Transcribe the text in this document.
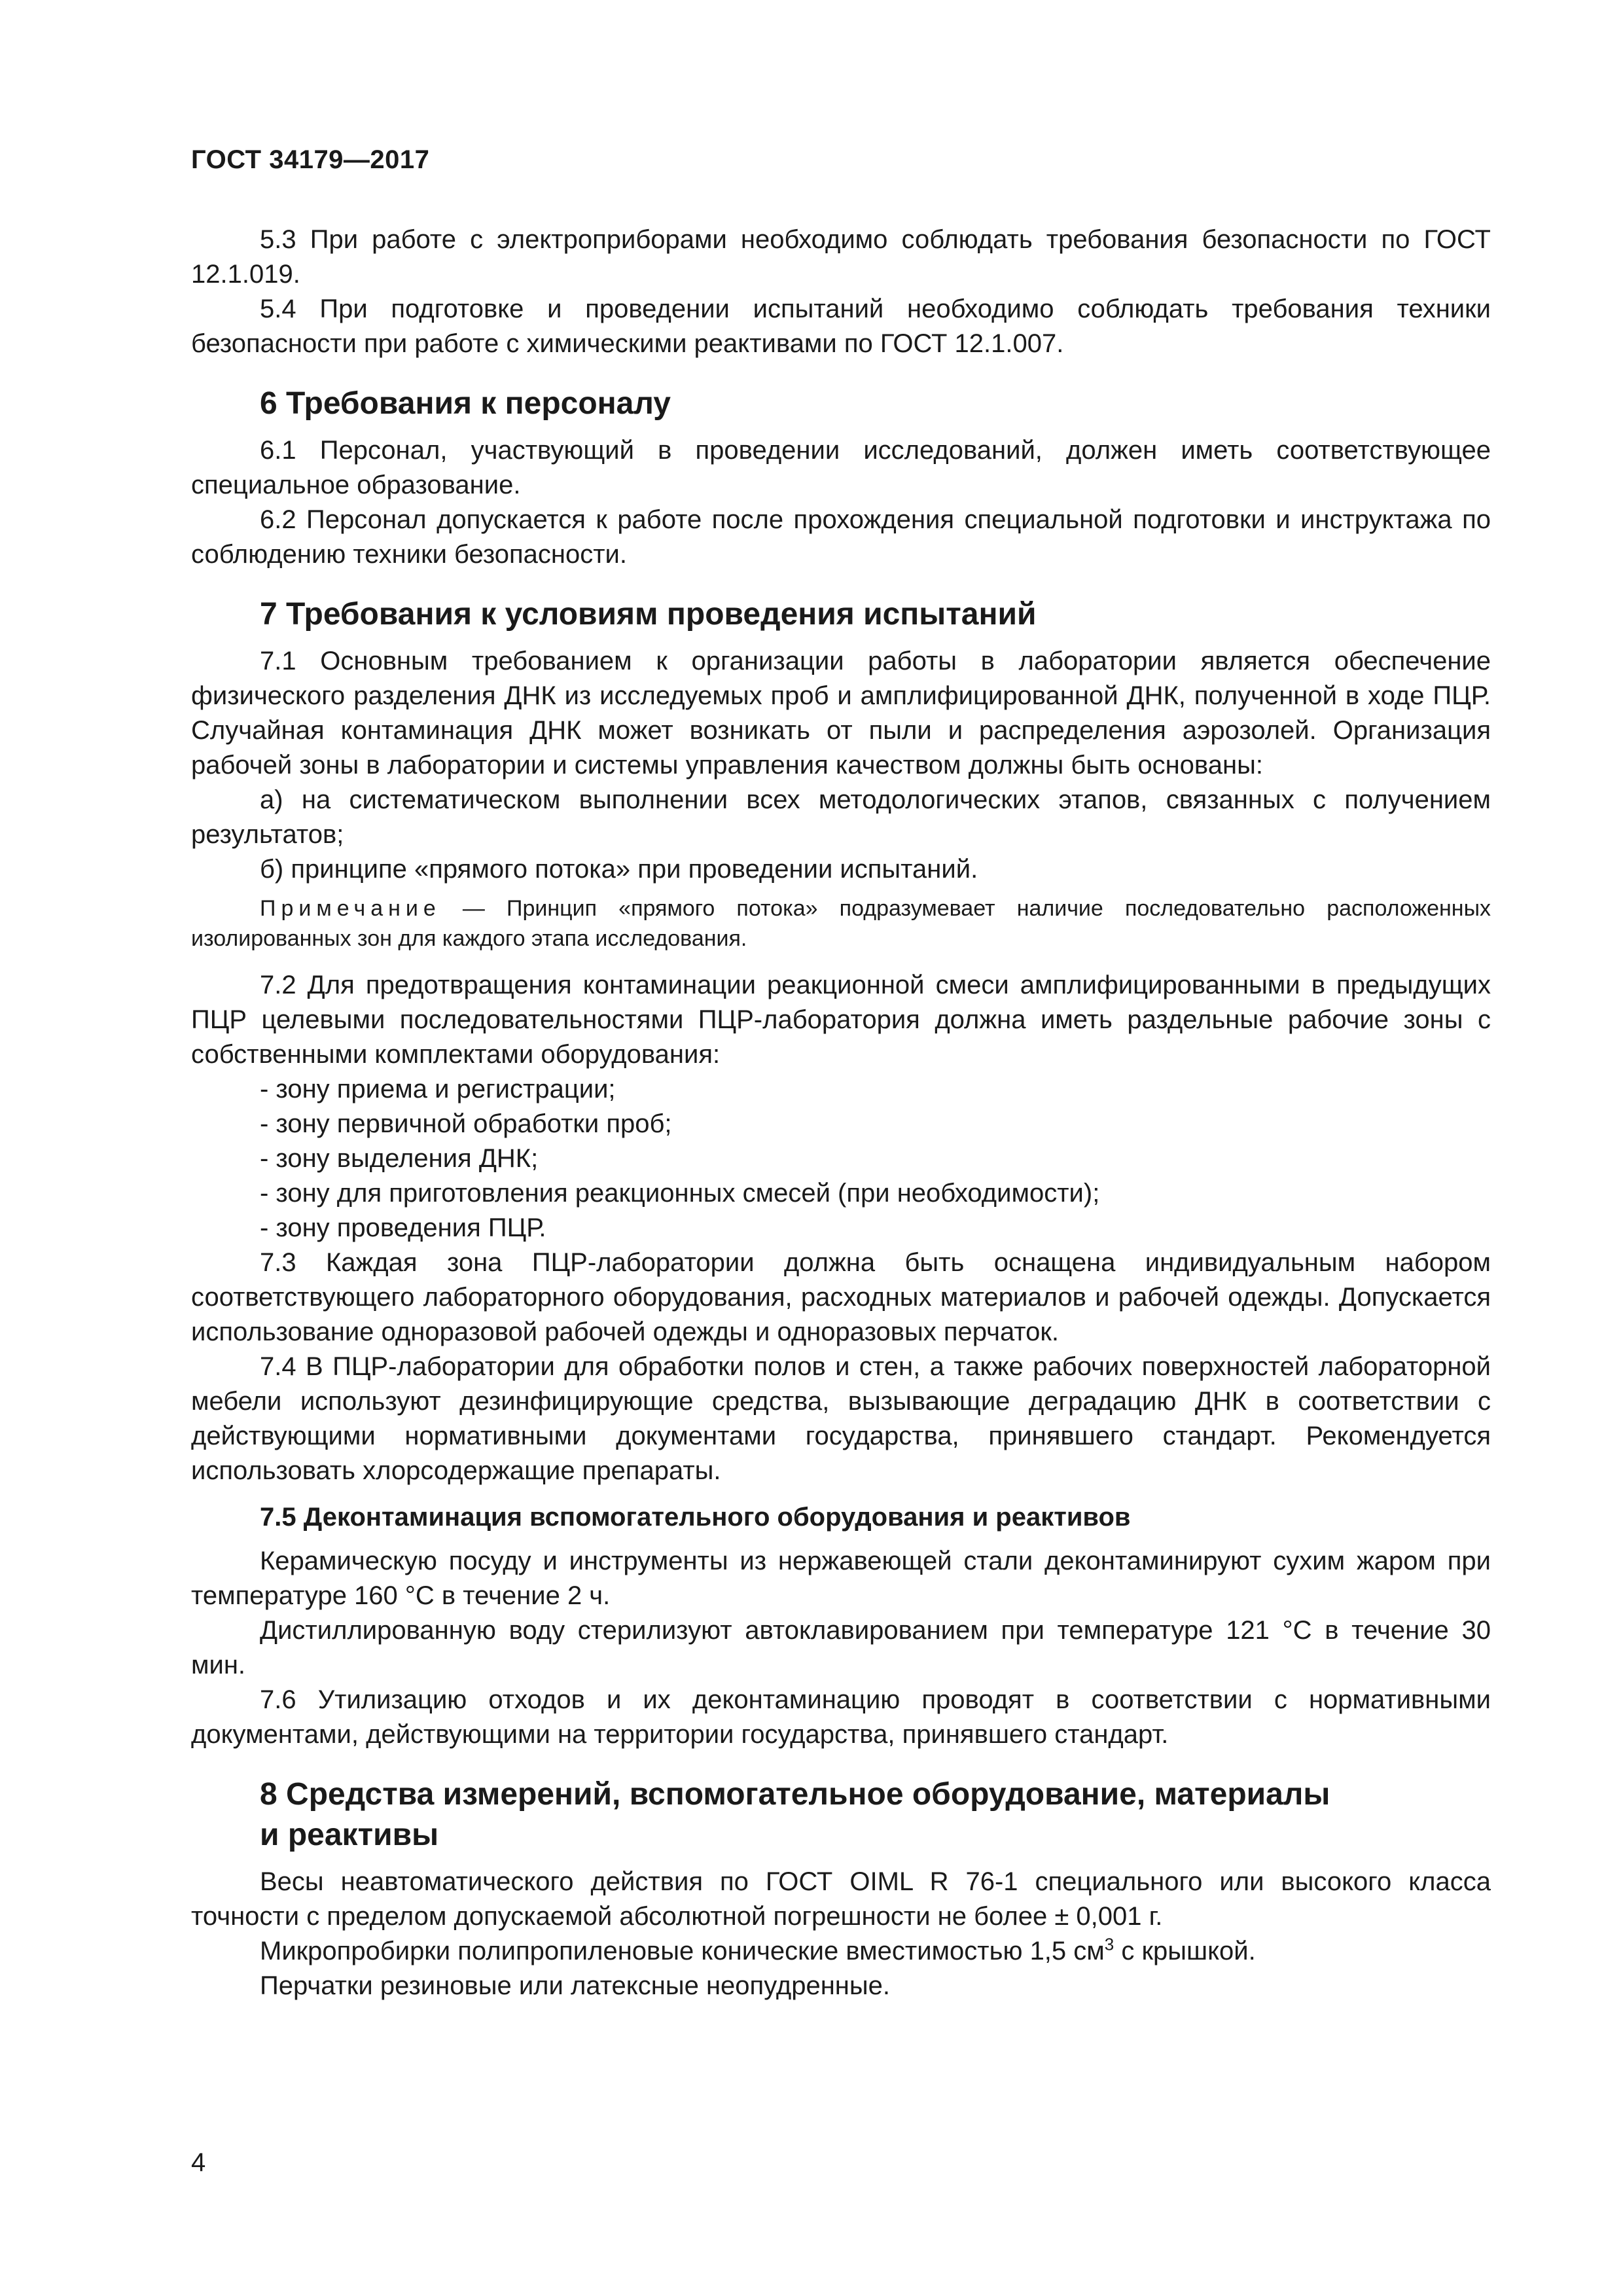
ГОСТ 34179—2017

5.3 При работе с электроприборами необходимо соблюдать требования безопасности по ГОСТ 12.1.019.

5.4 При подготовке и проведении испытаний необходимо соблюдать требования техники безопасности при работе с химическими реактивами по ГОСТ 12.1.007.

6 Требования к персоналу

6.1 Персонал, участвующий в проведении исследований, должен иметь соответствующее специальное образование.

6.2 Персонал допускается к работе после прохождения специальной подготовки и инструктажа по соблюдению техники безопасности.

7 Требования к условиям проведения испытаний

7.1 Основным требованием к организации работы в лаборатории является обеспечение физического разделения ДНК из исследуемых проб и амплифицированной ДНК, полученной в ходе ПЦР. Случайная контаминация ДНК может возникать от пыли и распределения аэрозолей. Организация рабочей зоны в лаборатории и системы управления качеством должны быть основаны:

а) на систематическом выполнении всех методологических этапов, связанных с получением результатов;

б) принципе «прямого потока» при проведении испытаний.

Примечание — Принцип «прямого потока» подразумевает наличие последовательно расположенных изолированных зон для каждого этапа исследования.

7.2 Для предотвращения контаминации реакционной смеси амплифицированными в предыдущих ПЦР целевыми последовательностями ПЦР-лаборатория должна иметь раздельные рабочие зоны с собственными комплектами оборудования:

- зону приема и регистрации;

- зону первичной обработки проб;

- зону выделения ДНК;

- зону для приготовления реакционных смесей (при необходимости);

- зону проведения ПЦР.

7.3 Каждая зона ПЦР-лаборатории должна быть оснащена индивидуальным набором соответствующего лабораторного оборудования, расходных материалов и рабочей одежды. Допускается использование одноразовой рабочей одежды и одноразовых перчаток.

7.4 В ПЦР-лаборатории для обработки полов и стен, а также рабочих поверхностей лабораторной мебели используют дезинфицирующие средства, вызывающие деградацию ДНК в соответствии с действующими нормативными документами государства, принявшего стандарт. Рекомендуется использовать хлорсодержащие препараты.

7.5 Деконтаминация вспомогательного оборудования и реактивов

Керамическую посуду и инструменты из нержавеющей стали деконтаминируют сухим жаром при температуре 160 °С в течение 2 ч.

Дистиллированную воду стерилизуют автоклавированием при температуре 121 °С в течение 30 мин.

7.6 Утилизацию отходов и их деконтаминацию проводят в соответствии с нормативными документами, действующими на территории государства, принявшего стандарт.

8 Средства измерений, вспомогательное оборудование, материалы
и реактивы

Весы неавтоматического действия по ГОСТ OIML R 76-1 специального или высокого класса точности с пределом допускаемой абсолютной погрешности не более ± 0,001 г.

Микропробирки полипропиленовые конические вместимостью 1,5 $см^3$ с крышкой.

Перчатки резиновые или латексные неопудренные.

4
